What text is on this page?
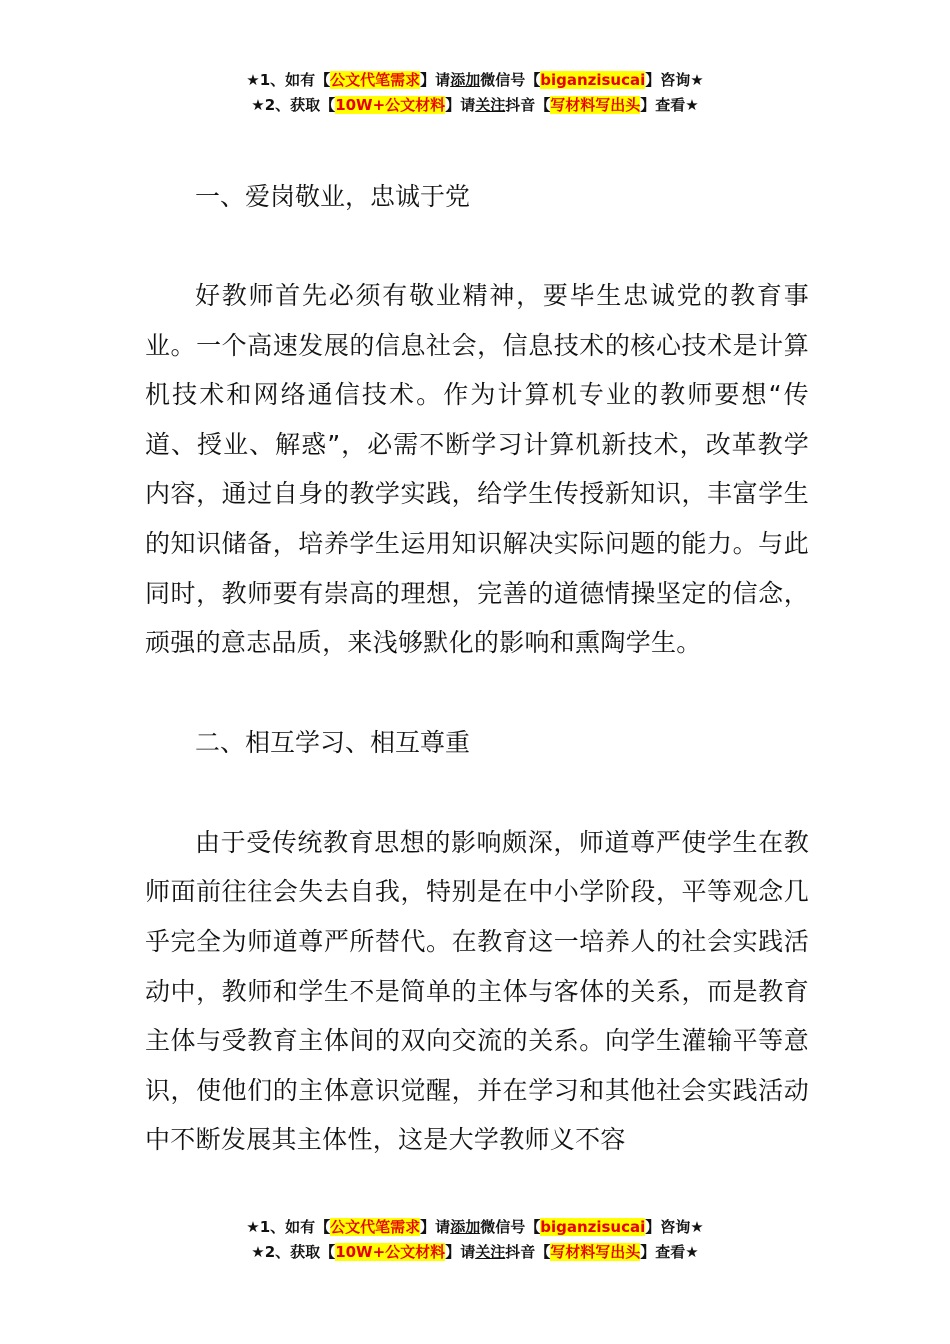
★1、如有【公文代笔需求】请添加微信号【biganzisucai】咨询★
★2、获取【10W+公文材料】请关注抖音【写材料写出头】查看★
一、爱岗敬业，忠诚于党

好教师首先必须有敬业精神，要毕生忠诚党的教育事业。一个高速发展的信息社会，信息技术的核心技术是计算机技术和网络通信技术。作为计算机专业的教师要想“传道、授业、解惑”，必需不断学习计算机新技术，改革教学内容，通过自身的教学实践，给学生传授新知识，丰富学生的知识储备，培养学生运用知识解决实际问题的能力。与此同时，教师要有崇高的理想，完善的道德情操坚定的信念，顽强的意志品质，来浅够默化的影响和熏陶学生。

二、相互学习、相互尊重

由于受传统教育思想的影响颇深，师道尊严使学生在教师面前往往会失去自我，特别是在中小学阶段，平等观念几乎完全为师道尊严所替代。在教育这一培养人的社会实践活动中，教师和学生不是简单的主体与客体的关系，而是教育主体与受教育主体间的双向交流的关系。向学生灌输平等意识，使他们的主体意识觉醒，并在学习和其他社会实践活动中不断发展其主体性，这是大学教师义不容

★1、如有【公文代笔需求】请添加微信号【biganzisucai】咨询★
★2、获取【10W+公文材料】请关注抖音【写材料写出头】查看★
